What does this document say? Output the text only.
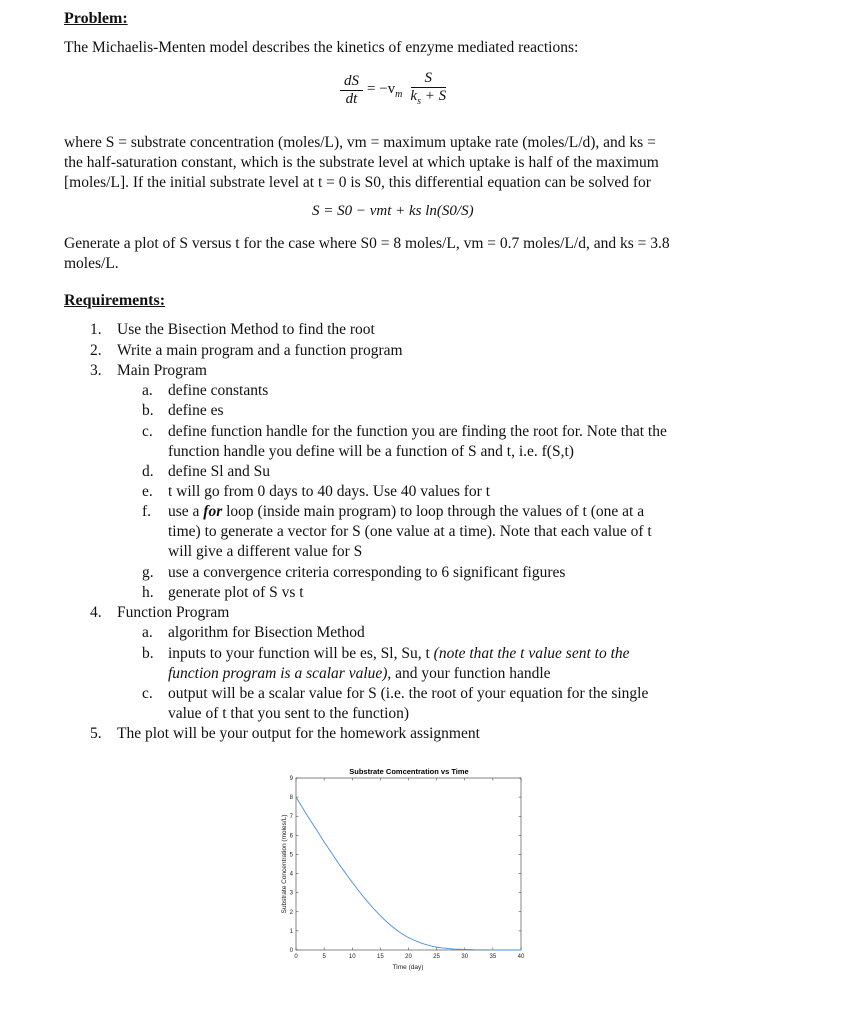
Problem:
The Michaelis-Menten model describes the kinetics of enzyme mediated reactions:
$\frac{dS}{dt} = -v_m \frac{S}{k_s + S}$
where S = substrate concentration (moles/L), vm = maximum uptake rate (moles/L/d), and ks =
the half-saturation constant, which is the substrate level at which uptake is half of the maximum
[moles/L]. If the initial substrate level at t = 0 is S0, this differential equation can be solved for
S = S0 − vmt + ks ln(S0/S)
Generate a plot of S versus t for the case where S0 = 8 moles/L, vm = 0.7 moles/L/d, and ks = 3.8
moles/L.
Requirements:
1. Use the Bisection Method to find the root
2. Write a main program and a function program
3. Main Program
a. define constants
b. define es
c. define function handle for the function you are finding the root for. Note that the
function handle you define will be a function of S and t, i.e. f(S,t)
d. define Sl and Su
e. t will go from 0 days to 40 days. Use 40 values for t
f. use a for loop (inside main program) to loop through the values of t (one at a
time) to generate a vector for S (one value at a time). Note that each value of t
will give a different value for S
g. use a convergence criteria corresponding to 6 significant figures
h. generate plot of S vs t
4. Function Program
a. algorithm for Bisection Method
b. inputs to your function will be es, Sl, Su, t (note that the t value sent to the
function program is a scalar value), and your function handle
c. output will be a scalar value for S (i.e. the root of your equation for the single
value of t that you sent to the function)
5. The plot will be your output for the homework assignment
Substrate Comcentration vs Time
0	5	10	15	20	25	30	35	40
0
1
2
3
4
5
6
7
8
9
Time (day)
Substrate Concentration (moles/L)
